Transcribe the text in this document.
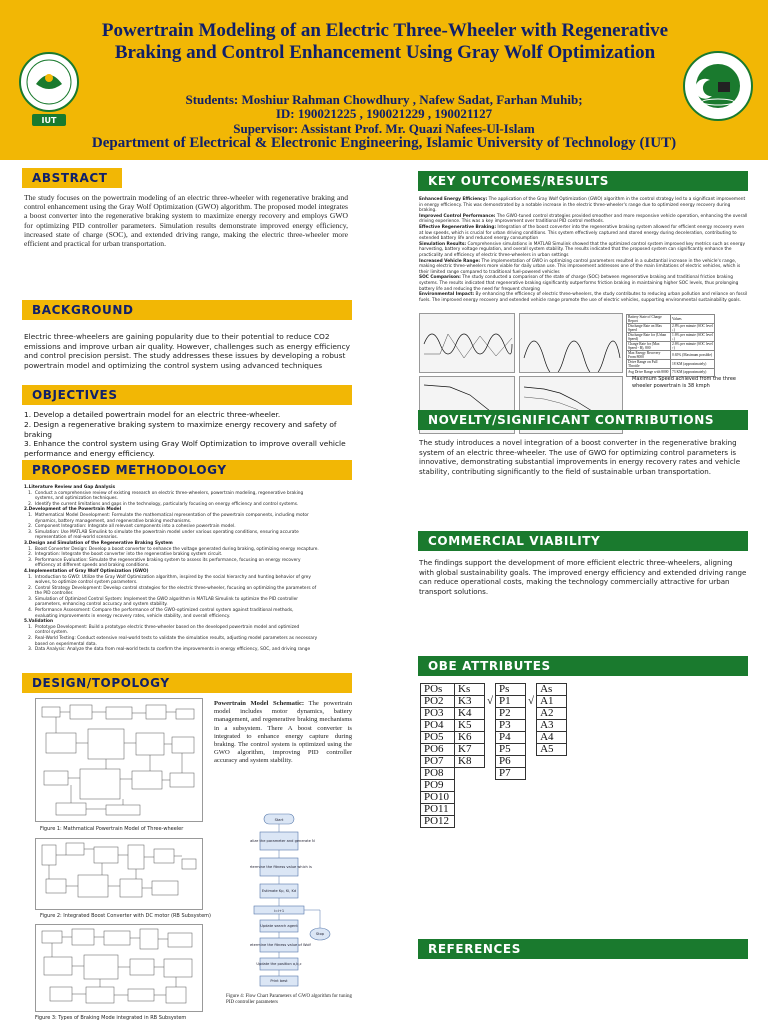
IUT
Powertrain Modeling of an Electric Three-Wheeler with Regenerative Braking and Control Enhancement Using Gray Wolf Optimization
Students: Moshiur Rahman Chowdhury , Nafew Sadat, Farhan Muhib;
ID: 190021225 , 190021229 , 190021127
Supervisor: Assistant Prof. Mr. Quazi Nafees-Ul-Islam
Department of Electrical & Electronic Engineering, Islamic University of Technology (IUT)
ABSTRACT
The study focuses on the powertrain modeling of an electric three-wheeler with regenerative braking and control enhancement using the Gray Wolf Optimization (GWO) algorithm. The proposed model integrates a boost converter into the regenerative braking system to maximize energy recovery and employs GWO for optimizing PID controller parameters. Simulation results demonstrate improved energy efficiency, increased state of charge (SOC), and extended driving range, making the electric three-wheeler more efficient and practical for urban transportation.
BACKGROUND
Electric three-wheelers are gaining popularity due to their potential to reduce CO2 emissions and improve urban air quality. However, challenges such as energy efficiency and control precision persist. The study addresses these issues by developing a robust powertrain model and optimizing the control system using advanced techniques
OBJECTIVES
1. Develop a detailed powertrain model for an electric three-wheeler.
2. Design a regenerative braking system to maximize energy recovery and safety of braking
3. Enhance the control system using Gray Wolf Optimization to improve overall vehicle performance and energy efficiency.
PROPOSED METHODOLOGY
1.Literature Review and Gap Analysis
1.  Conduct a comprehensive review of existing research on electric three-wheelers, powertrain modeling, regenerative braking
systems, and optimization techniques.
2.  Identify the current limitations and gaps in the technology, particularly focusing on energy efficiency and control systems.
2.Development of the Powertrain Model
1.  Mathematical Model Development: Formulate the mathematical representation of the powertrain components, including motor
dynamics, battery management, and regenerative braking mechanisms.
2.  Component Integration: Integrate all relevant components into a cohesive powertrain model.
3.  Simulation: Use MATLAB Simulink to simulate the powertrain model under various operating conditions, ensuring accurate
representation of real-world scenarios.
3.Design and Simulation of the Regenerative Braking System
1.  Boost Converter Design: Develop a boost converter to enhance the voltage generated during braking, optimizing energy recapture.
2.  Integration: Integrate the boost converter into the regenerative braking system circuit.
3.  Performance Evaluation: Simulate the regenerative braking system to assess its performance, focusing on energy recovery
efficiency at different speeds and braking conditions.
4.Implementation of Gray Wolf Optimization (GWO)
1.  Introduction to GWO: Utilize the Gray Wolf Optimization algorithm, inspired by the social hierarchy and hunting behavior of grey
wolves, to optimize control system parameters.
2.  Control Strategy Development: Develop control strategies for the electric three-wheeler, focusing on optimizing the parameters of
the PID controller.
3.  Simulation of Optimized Control System: Implement the GWO algorithm in MATLAB Simulink to optimize the PID controller
parameters, enhancing control accuracy and system stability.
4.  Performance Assessment: Compare the performance of the GWO-optimized control system against traditional methods,
evaluating improvements in energy recovery rates, vehicle stability, and overall efficiency.
5.Validation
1.  Prototype Development: Build a prototype electric three-wheeler based on the developed powertrain model and optimized
control system.
2.  Real-World Testing: Conduct extensive real-world tests to validate the simulation results, adjusting model parameters as necessary
based on experimental data.
3.  Data Analysis: Analyze the data from real-world tests to confirm the improvements in energy efficiency, SOC, and driving range
DESIGN/TOPOLOGY
Figure 1: Mathmatical Powertrain Model of Three-wheeler
Powertrain Model Schematic: The powertrain model includes motor dynamics, battery management, and regenerative braking mechanisms in a subsystem. There A boost converter is integrated to enhance energy capture during braking. The control system is optimized using the GWO algorithm, improving PID controller accuracy and system stability.
Figure 2: Integrated Boost Converter with DC motor (RB Subsystem)
Figure 3: Types of Braking Mode integrated in RB Subsystem
Start
Initialize the parameter and generate N
Determine the fitness value which is
Estimate Kp, Ki, Kd
i=i+1
Update search agent
Determine the fitness value of Wolf
Update the position a,b,c
Print best
Stop
Figure 4: Flow Chart Parameters of GWO algorithm for tuning PID controller parameters
KEY OUTCOMES/RESULTS
Enhanced Energy Efficiency: The application of the Gray Wolf Optimization (GWO) algorithm in the control strategy led to a significant improvement in energy efficiency. This was demonstrated by a notable increase in the electric three-wheeler's range due to optimized energy recovery during braking.
Improved Control Performance: The GWO-tuned control strategies provided smoother and more responsive vehicle operation, enhancing the overall driving experience. This was a key improvement over traditional PID control methods.
Effective Regenerative Braking: Integration of the boost converter into the regenerative braking system allowed for efficient energy recovery even at low speeds, which is crucial for urban driving conditions. This system effectively captured and stored energy during deceleration, contributing to extended battery life and reduced energy consumption
Simulation Results: Comprehensive simulations in MATLAB Simulink showed that the optimized control system improved key metrics such as energy harvesting, battery voltage regulation, and overall system stability. The results indicated that the proposed system can significantly enhance the practicality and efficiency of electric three-wheelers in urban settings
Increased Vehicle Range: The implementation of GWO in optimizing control parameters resulted in a substantial increase in the vehicle's range, making electric three-wheelers more viable for daily urban use. This improvement addresses one of the main limitations of electric vehicles, which is their limited range compared to traditional fuel-powered vehicles
SOC Comparison: The study conducted a comparison of the state of charge (SOC) between regenerative braking and traditional friction braking systems. The results indicated that regenerative braking significantly outperforms friction braking in maintaining higher SOC levels, thus prolonging battery life and reducing the need for frequent charging
Environmental Impact: By enhancing the efficiency of electric three-wheelers, the study contributes to reducing urban pollution and reliance on fossil fuels. The improved energy recovery and extended vehicle range promote the use of electric vehicles, supporting environmental sustainability goals.
Battery State of Charge Report	Values
Discharge Rate on Max Speed	2.8% per minute (SOC level ↓)
Discharge Rate for (Urban Speed)	1.6% per minute (SOC level ↓)
Charge Rate for (Max Speed - B), 800	2.6% per minute (SOC level ↑)
Max Energy Recovery From 8000	0.65% (Maximum possible)
Drive Range on Full Throttle	18 KM (approximately)
Avg Drive Range with 8000	73 KM (approximately)
Maximum Speed achieved from the three wheeler powertrain is 38 kmph
NOVELTY/SIGNIFICANT CONTRIBUTIONS
The study introduces a novel integration of a boost converter in the regenerative braking system of an electric three-wheeler. The use of GWO for optimizing control parameters is innovative, demonstrating substantial improvements in energy recovery rates and vehicle stability, contributing significantly to the field of sustainable urban transportation.
COMMERCIAL VIABILITY
The findings support the development of more efficient electric three-wheelers, aligning with global sustainability goals. The improved energy efficiency and extended driving range can reduce operational costs, making the technology commercially attractive for urban transport solutions.
OBE ATTRIBUTES
POs	Ks		Ps		As
PO2	K3	√	P1	√	A1
PO3	K4		P2		A2
PO4	K5		P3		A3
PO5	K6		P4		A4
PO6	K7		P5		A5
PO7	K8		P6		
PO8			P7		
PO9					
PO10					
PO11					
PO12					
REFERENCES
